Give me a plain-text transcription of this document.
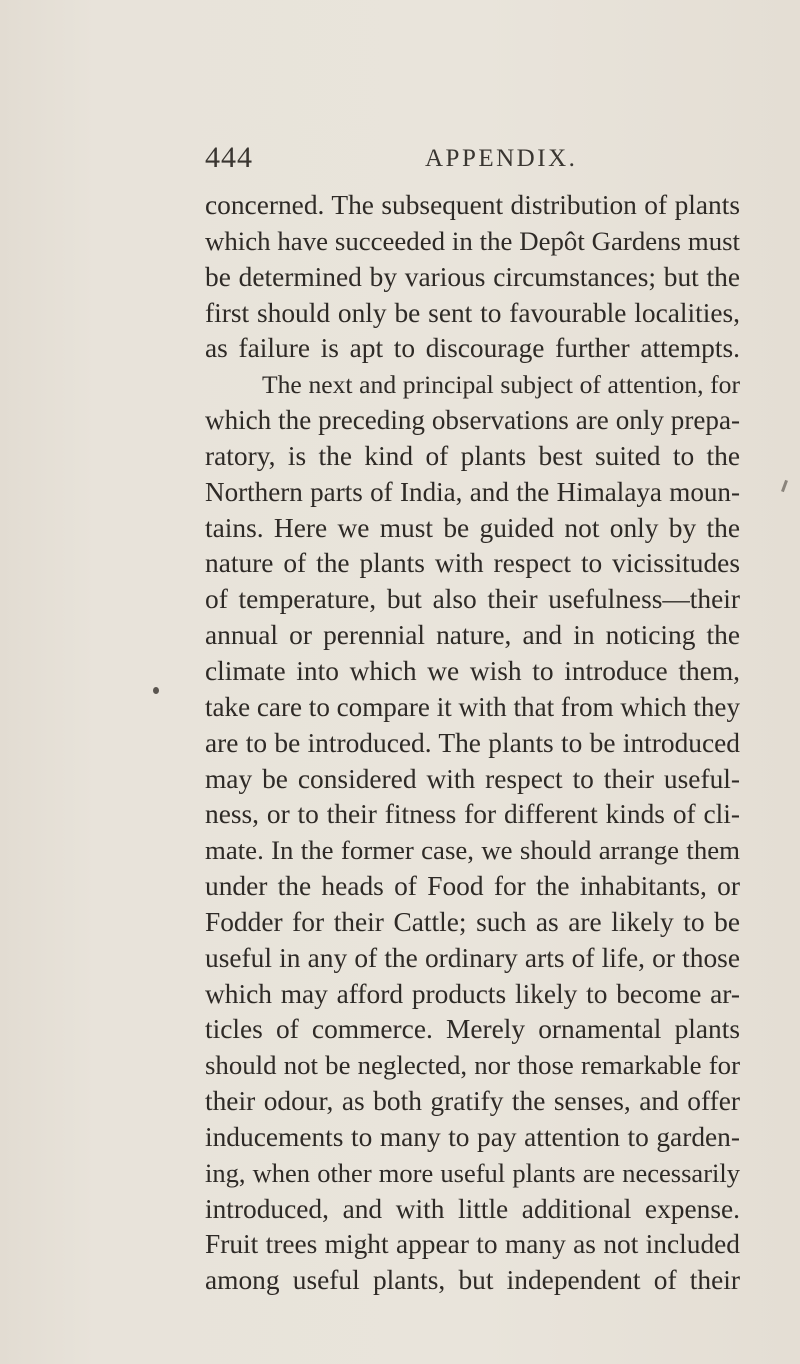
444	APPENDIX.
concerned. The subsequent distribution of plants
which have succeeded in the Depôt Gardens must
be determined by various circumstances; but the
first should only be sent to favourable localities,
as failure is apt to discourage further attempts.
The next and principal subject of attention, for
which the preceding observations are only prepa-
ratory, is the kind of plants best suited to the
Northern parts of India, and the Himalaya moun-
tains. Here we must be guided not only by the
nature of the plants with respect to vicissitudes
of temperature, but also their usefulness—their
annual or perennial nature, and in noticing the
climate into which we wish to introduce them,
take care to compare it with that from which they
are to be introduced. The plants to be introduced
may be considered with respect to their useful-
ness, or to their fitness for different kinds of cli-
mate. In the former case, we should arrange them
under the heads of Food for the inhabitants, or
Fodder for their Cattle; such as are likely to be
useful in any of the ordinary arts of life, or those
which may afford products likely to become ar-
ticles of commerce. Merely ornamental plants
should not be neglected, nor those remarkable for
their odour, as both gratify the senses, and offer
inducements to many to pay attention to garden-
ing, when other more useful plants are necessarily
introduced, and with little additional expense.
Fruit trees might appear to many as not included
among useful plants, but independent of their
